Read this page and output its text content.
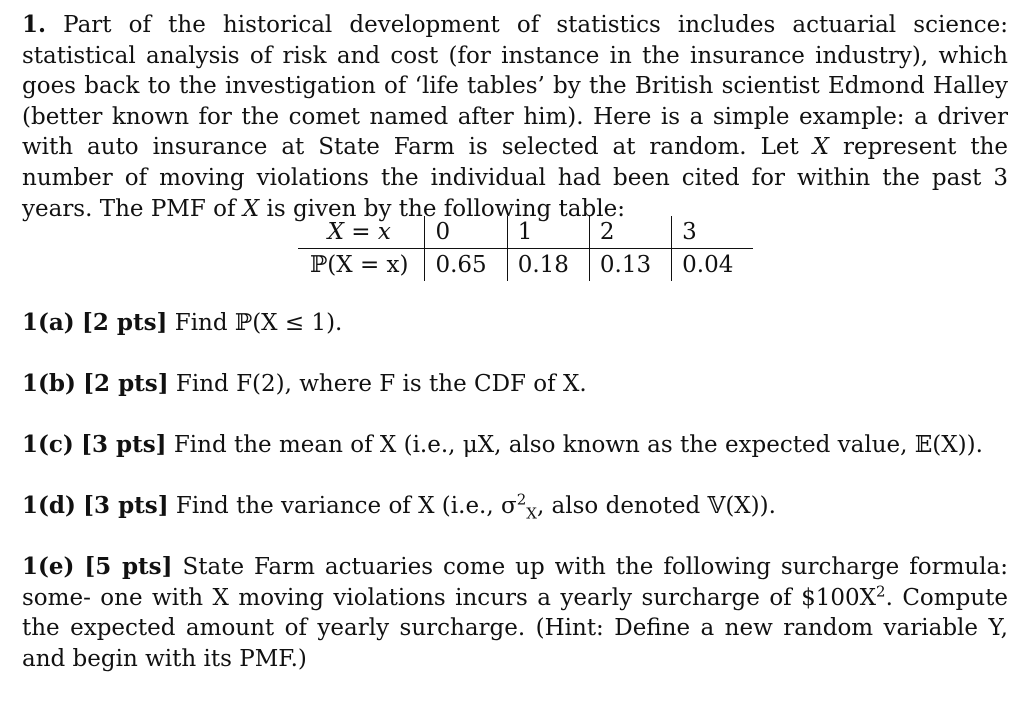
1. Part of the historical development of statistics includes actuarial science: statistical analysis of risk and cost (for instance in the insurance industry), which goes back to the investigation of ‘life tables’ by the British scientist Edmond Halley (better known for the comet named after him). Here is a simple example: a driver with auto insurance at State Farm is selected at random. Let X represent the number of moving violations the individual had been cited for within the past 3 years. The PMF of X is given by the following table:
X = x	0	1	2	3
ℙ(X = x)	0.65	0.18	0.13	0.04
1(a) [2 pts] Find ℙ(X ≤ 1).
1(b) [2 pts] Find F(2), where F is the CDF of X.
1(c) [3 pts] Find the mean of X (i.e., μX, also known as the expected value, 𝔼(X)).
1(d) [3 pts] Find the variance of X (i.e., $\sigma^2_X$, also denoted 𝕍(X)).
1(e) [5 pts] State Farm actuaries come up with the following surcharge formula: some- one with X moving violations incurs a yearly surcharge of $\$100X^2$. Compute the expected amount of yearly surcharge. (Hint: Define a new random variable Y, and begin with its PMF.)
